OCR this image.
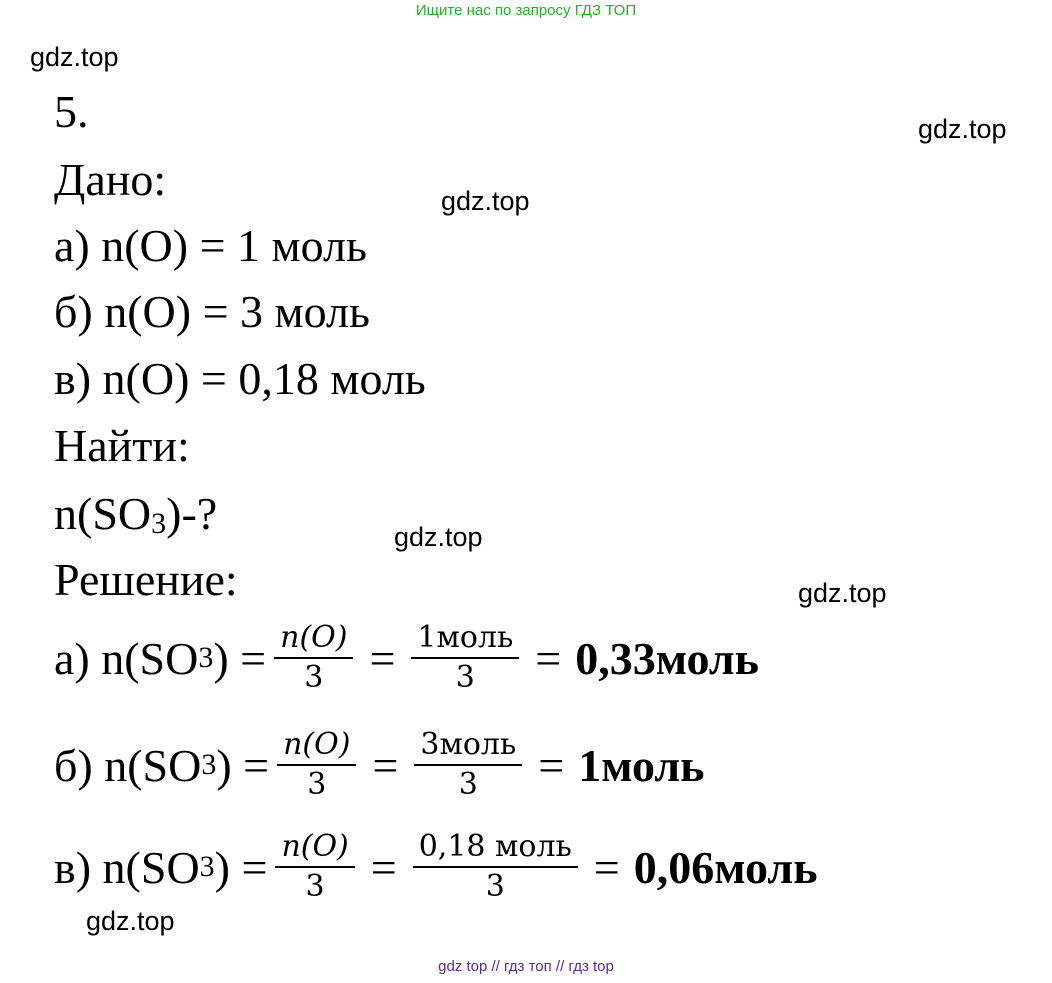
Ищите нас по запросу ГДЗ ТОП
gdz.top
gdz.top
gdz.top
gdz.top
gdz.top
gdz.top
5.
Дано:
а) n(O) = 1 моль
б) n(O) = 3 моль
в) n(O) = 0,18 моль
Найти:
$n(SO_3)-$?
Решение:
а) n(SO 3 ) = $\frac{n(O)}{3} = \frac{\text{1моль}}{3}$ = 0,33моль
б) n(SO 3 ) = $\frac{n(O)}{3} = \frac{\text{3моль}}{3}$ = 1моль
в) n(SO 3 ) = $\frac{n(O)}{3} = \frac{\text{0,18 моль}}{3}$ = 0,06моль
gdz top // гдз топ // гдз top
